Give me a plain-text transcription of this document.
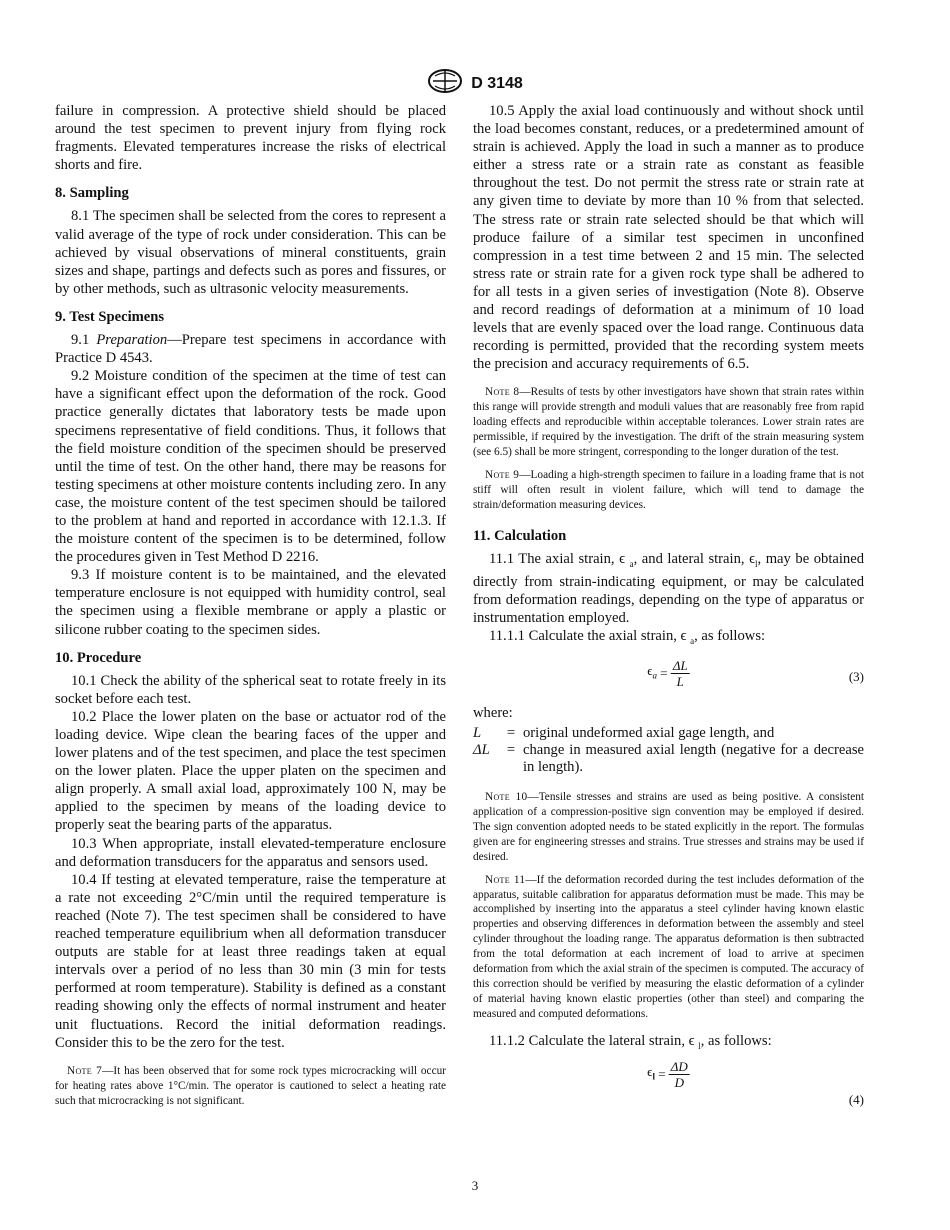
D 3148

failure in compression. A protective shield should be placed around the test specimen to prevent injury from flying rock fragments. Elevated temperatures increase the risks of electrical shorts and fire.

8. Sampling

8.1 The specimen shall be selected from the cores to represent a valid average of the type of rock under consideration. This can be achieved by visual observations of mineral constituents, grain sizes and shape, partings and defects such as pores and fissures, or by other methods, such as ultrasonic velocity measurements.

9. Test Specimens

9.1 Preparation—Prepare test specimens in accordance with Practice D 4543.

9.2 Moisture condition of the specimen at the time of test can have a significant effect upon the deformation of the rock. Good practice generally dictates that laboratory tests be made upon specimens representative of field conditions. Thus, it follows that the field moisture condition of the specimen should be preserved until the time of test. On the other hand, there may be reasons for testing specimens at other moisture contents including zero. In any case, the moisture content of the test specimen should be tailored to the problem at hand and reported in accordance with 12.1.3. If the moisture content of the specimen is to be determined, follow the procedures given in Test Method D 2216.

9.3 If moisture content is to be maintained, and the elevated temperature enclosure is not equipped with humidity control, seal the specimen using a flexible membrane or apply a plastic or silicone rubber coating to the specimen sides.

10. Procedure

10.1 Check the ability of the spherical seat to rotate freely in its socket before each test.

10.2 Place the lower platen on the base or actuator rod of the loading device. Wipe clean the bearing faces of the upper and lower platens and of the test specimen, and place the test specimen on the lower platen. Place the upper platen on the specimen and align properly. A small axial load, approximately 100 N, may be applied to the specimen by means of the loading device to properly seat the bearing parts of the apparatus.

10.3 When appropriate, install elevated-temperature enclosure and deformation transducers for the apparatus and sensors used.

10.4 If testing at elevated temperature, raise the temperature at a rate not exceeding 2°C/min until the required temperature is reached (Note 7). The test specimen shall be considered to have reached temperature equilibrium when all deformation transducer outputs are stable for at least three readings taken at equal intervals over a period of no less than 30 min (3 min for tests performed at room temperature). Stability is defined as a constant reading showing only the effects of normal instrument and heater unit fluctuations. Record the initial deformation readings. Consider this to be the zero for the test.

Note 7—It has been observed that for some rock types microcracking will occur for heating rates above 1°C/min. The operator is cautioned to select a heating rate such that microcracking is not significant.

10.5 Apply the axial load continuously and without shock until the load becomes constant, reduces, or a predetermined amount of strain is achieved. Apply the load in such a manner as to produce either a stress rate or a strain rate as constant as feasible throughout the test. Do not permit the stress rate or strain rate at any given time to deviate by more than 10 % from that selected. The stress rate or strain rate selected should be that which will produce failure of a similar test specimen in unconfined compression in a test time between 2 and 15 min. The selected stress rate or strain rate for a given rock type shall be adhered to for all tests in a given series of investigation (Note 8). Observe and record readings of deformation at a minimum of 10 load levels that are evenly spaced over the load range. Continuous data recording is permitted, provided that the recording system meets the precision and accuracy requirements of 6.5.

Note 8—Results of tests by other investigators have shown that strain rates within this range will provide strength and moduli values that are reasonably free from rapid loading effects and reproducible within acceptable tolerances. Lower strain rates are permissible, if required by the investigation. The drift of the strain measuring system (see 6.5) shall be more stringent, corresponding to the longer duration of the test.

Note 9—Loading a high-strength specimen to failure in a loading frame that is not stiff will often result in violent failure, which will tend to damage the strain/deformation measuring devices.

11. Calculation

11.1 The axial strain, ϵ $_a$, and lateral strain, $\epsilon_l$, may be obtained directly from strain-indicating equipment, or may be calculated from deformation readings, depending on the type of apparatus or instrumentation employed.

11.1.1 Calculate the axial strain, ϵ $_a$, as follows:

$\epsilon_a = \frac{\Delta L}{L}$	(3)

where:

L	=	original undeformed axial gage length, and
ΔL	=	change in measured axial length (negative for a decrease in length).

Note 10—Tensile stresses and strains are used as being positive. A consistent application of a compression-positive sign convention may be employed if desired. The sign convention adopted needs to be stated explicitly in the report. The formulas given are for engineering stresses and strains. True stresses and strains may be used if desired.

Note 11—If the deformation recorded during the test includes deformation of the apparatus, suitable calibration for apparatus deformation must be made. This may be accomplished by inserting into the apparatus a steel cylinder having known elastic properties and observing differences in deformation between the assembly and steel cylinder throughout the loading range. The apparatus deformation is then subtracted from the total deformation at each increment of load to arrive at specimen deformation from which the axial strain of the specimen is computed. The accuracy of this correction should be verified by measuring the elastic deformation of a cylinder of material having known elastic properties (other than steel) and comparing the measured and computed deformations.

11.1.2 Calculate the lateral strain, ϵ $_l$, as follows:

$\epsilon_l = \frac{\Delta D}{D}$
(4)
3
